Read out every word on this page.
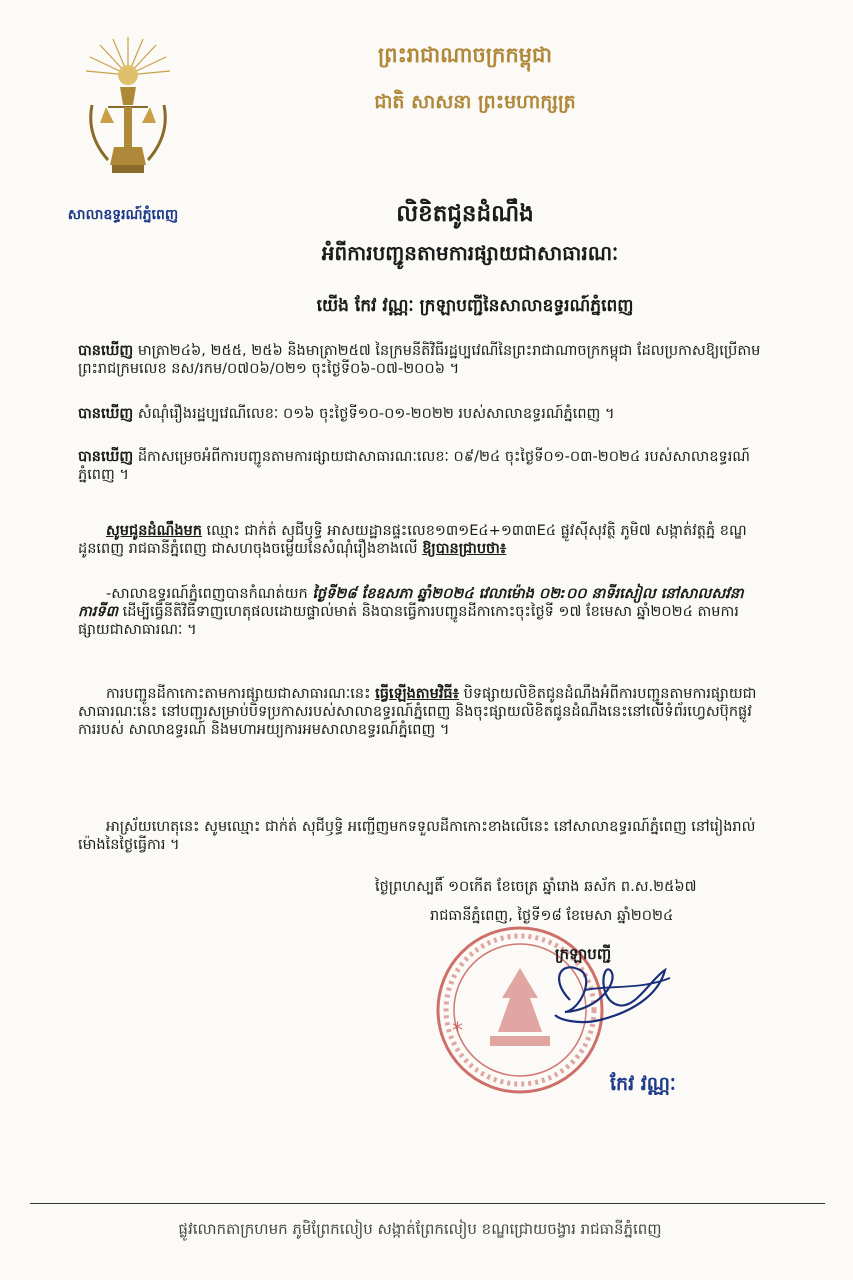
សាលាឧទ្ធរណ៍ភ្នំពេញ
ព្រះរាជាណាចក្រកម្ពុជា
ជាតិ សាសនា ព្រះមហាក្សត្រ
លិខិតជូនដំណឹង
អំពីការបញ្ជូនតាមការផ្សាយជាសាធារណៈ
យើង កែវ វណ្ណៈ ក្រឡាបញ្ជីនៃសាលាឧទ្ធរណ៍ភ្នំពេញ
បានឃើញ មាត្រា២៤៦, ២៥៥, ២៥៦ និងមាត្រា២៥៧ នៃក្រមនីតិវិធីរដ្ឋប្បវេណីនៃព្រះរាជាណាចក្រកម្ពុជា ដែលប្រកាសឱ្យប្រើតាមព្រះរាជក្រមលេខ នស/រកម/០៧០៦/០២១ ចុះថ្ងៃទី០៦-០៧-២០០៦ ។
បានឃើញ សំណុំរឿងរដ្ឋប្បវេណីលេខៈ ០១៦ ចុះថ្ងៃទី១០-០១-២០២២ របស់សាលាឧទ្ធរណ៍ភ្នំពេញ ។
បានឃើញ ដីកាសម្រេចអំពីការបញ្ជូនតាមការផ្សាយជាសាធារណៈលេខៈ ០៩/២៤ ចុះថ្ងៃទី០១-០៣-២០២៤ របស់សាលាឧទ្ធរណ៍ភ្នំពេញ ។
សូមជូនដំណឹងមក ឈ្មោះ ជាក់ត់ សុជីឫទ្ធិ អាសយដ្ឋានផ្ទះលេខ១៣១E៤+១៣៣E៤ ផ្លូវស៊ីសុវត្ថិ ភូមិ៧ សង្កាត់វត្តភ្នំ ខណ្ឌដូនពេញ រាជធានីភ្នំពេញ ជាសហចុងចម្លើយនៃសំណុំរឿងខាងលើ ឱ្យបានជ្រាបថា៖
-សាលាឧទ្ធរណ៍ភ្នំពេញបានកំណត់យក ថ្ងៃទី២៨ ខែឧសភា ឆ្នាំ២០២៤ វេលាម៉ោង ០២:០០ នាទីរសៀល នៅសាលសវនាការទី៣ ដើម្បីធ្វើនីតិវិធីទាញហេតុផលដោយផ្ទាល់មាត់ និងបានធ្វើការបញ្ជូនដីកាកោះចុះថ្ងៃទី ១៧ ខែមេសា ឆ្នាំ២០២៤ តាមការផ្សាយជាសាធារណៈ ។
ការបញ្ជូនដីកាកោះតាមការផ្សាយជាសាធារណៈនេះ ធ្វើឡើងតាមវិធី៖ បិទផ្សាយលិខិតជូនដំណឹងអំពីការបញ្ជូនតាមការផ្សាយជាសាធារណៈនេះ នៅបញ្ជរសម្រាប់បិទប្រកាសរបស់សាលាឧទ្ធរណ៍ភ្នំពេញ និងចុះផ្សាយលិខិតជូនដំណឹងនេះនៅលើទំព័រហ្វេសប៊ុកផ្លូវការរបស់ សាលាឧទ្ធរណ៍ និងមហាអយ្យការអមសាលាឧទ្ធរណ៍ភ្នំពេញ ។
អាស្រ័យហេតុនេះ សូមឈ្មោះ ជាក់ត់ សុជីឫទ្ធិ អញ្ជើញមកទទួលដីកាកោះខាងលើនេះ នៅសាលាឧទ្ធរណ៍ភ្នំពេញ នៅរៀងរាល់ម៉ោងនៃថ្ងៃធ្វើការ ។
ថ្ងៃព្រហស្បតិ៍ ១០កើត ខែចេត្រ ឆ្នាំរោង ឆស័ក ព.ស.២៥៦៧
រាជធានីភ្នំពេញ, ថ្ងៃទី១៨ ខែមេសា ឆ្នាំ២០២៤
*
ក្រឡាបញ្ជី
កែវ វណ្ណៈ
ផ្លូវលោកតាក្រហមក ភូមិព្រែកលៀប សង្កាត់ព្រែកលៀប ខណ្ឌជ្រោយចង្វារ រាជធានីភ្នំពេញ
